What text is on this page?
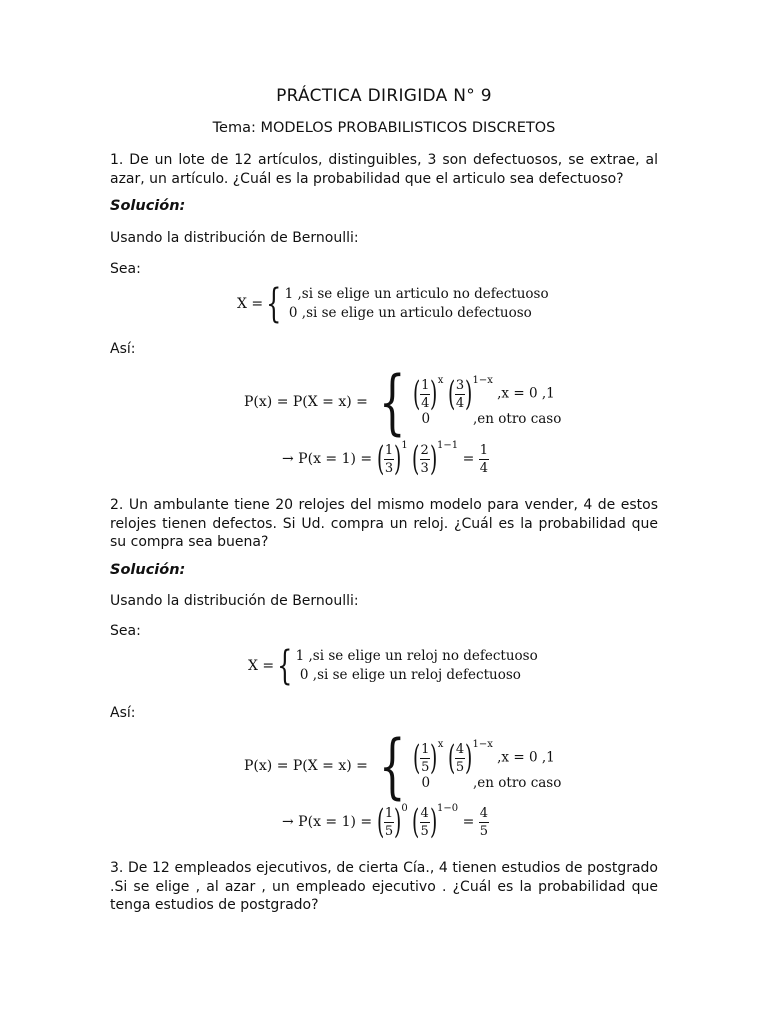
PRÁCTICA DIRIGIDA N° 9
Tema: MODELOS PROBABILISTICOS DISCRETOS
1. De un lote de 12 artículos, distinguibles, 3 son defectuosos, se extrae, al azar, un artículo. ¿Cuál es la probabilidad que el articulo sea defectuoso?
Solución:
Usando la distribución de Bernoulli:
Sea:
X ={ 1 ,si se elige un articulo no defectuoso
0 ,si se elige un articulo defectuoso
Así:
P(x) = P(X = x) = { ( $\frac{1}{4} )^x$ ( $\frac{3}{4} )^{1-x}$ ,x = 0 ,1
0	,en otro caso
→ P(x = 1) = ( $\frac{1}{3} )^1$ ( $\frac{2}{3} )^{1-1} = \frac{1}{4}$
2. Un ambulante tiene 20 relojes del mismo modelo para vender, 4 de estos relojes tienen defectos. Si Ud. compra un reloj. ¿Cuál es la probabilidad que su compra sea buena?
Solución:
Usando la distribución de Bernoulli:
Sea:
X ={ 1 ,si se elige un reloj no defectuoso
0 ,si se elige un reloj defectuoso
Así:
P(x) = P(X = x) = { ( $\frac{1}{5} )^x$ ( $\frac{4}{5} )^{1-x}$ ,x = 0 ,1
0	,en otro caso
→ P(x = 1) = ( $\frac{1}{5} )^0$ ( $\frac{4}{5} )^{1-0} = \frac{4}{5}$
3. De 12 empleados ejecutivos, de cierta Cía., 4 tienen estudios de postgrado .Si se elige , al azar , un empleado ejecutivo . ¿Cuál es la probabilidad que tenga estudios de postgrado?
